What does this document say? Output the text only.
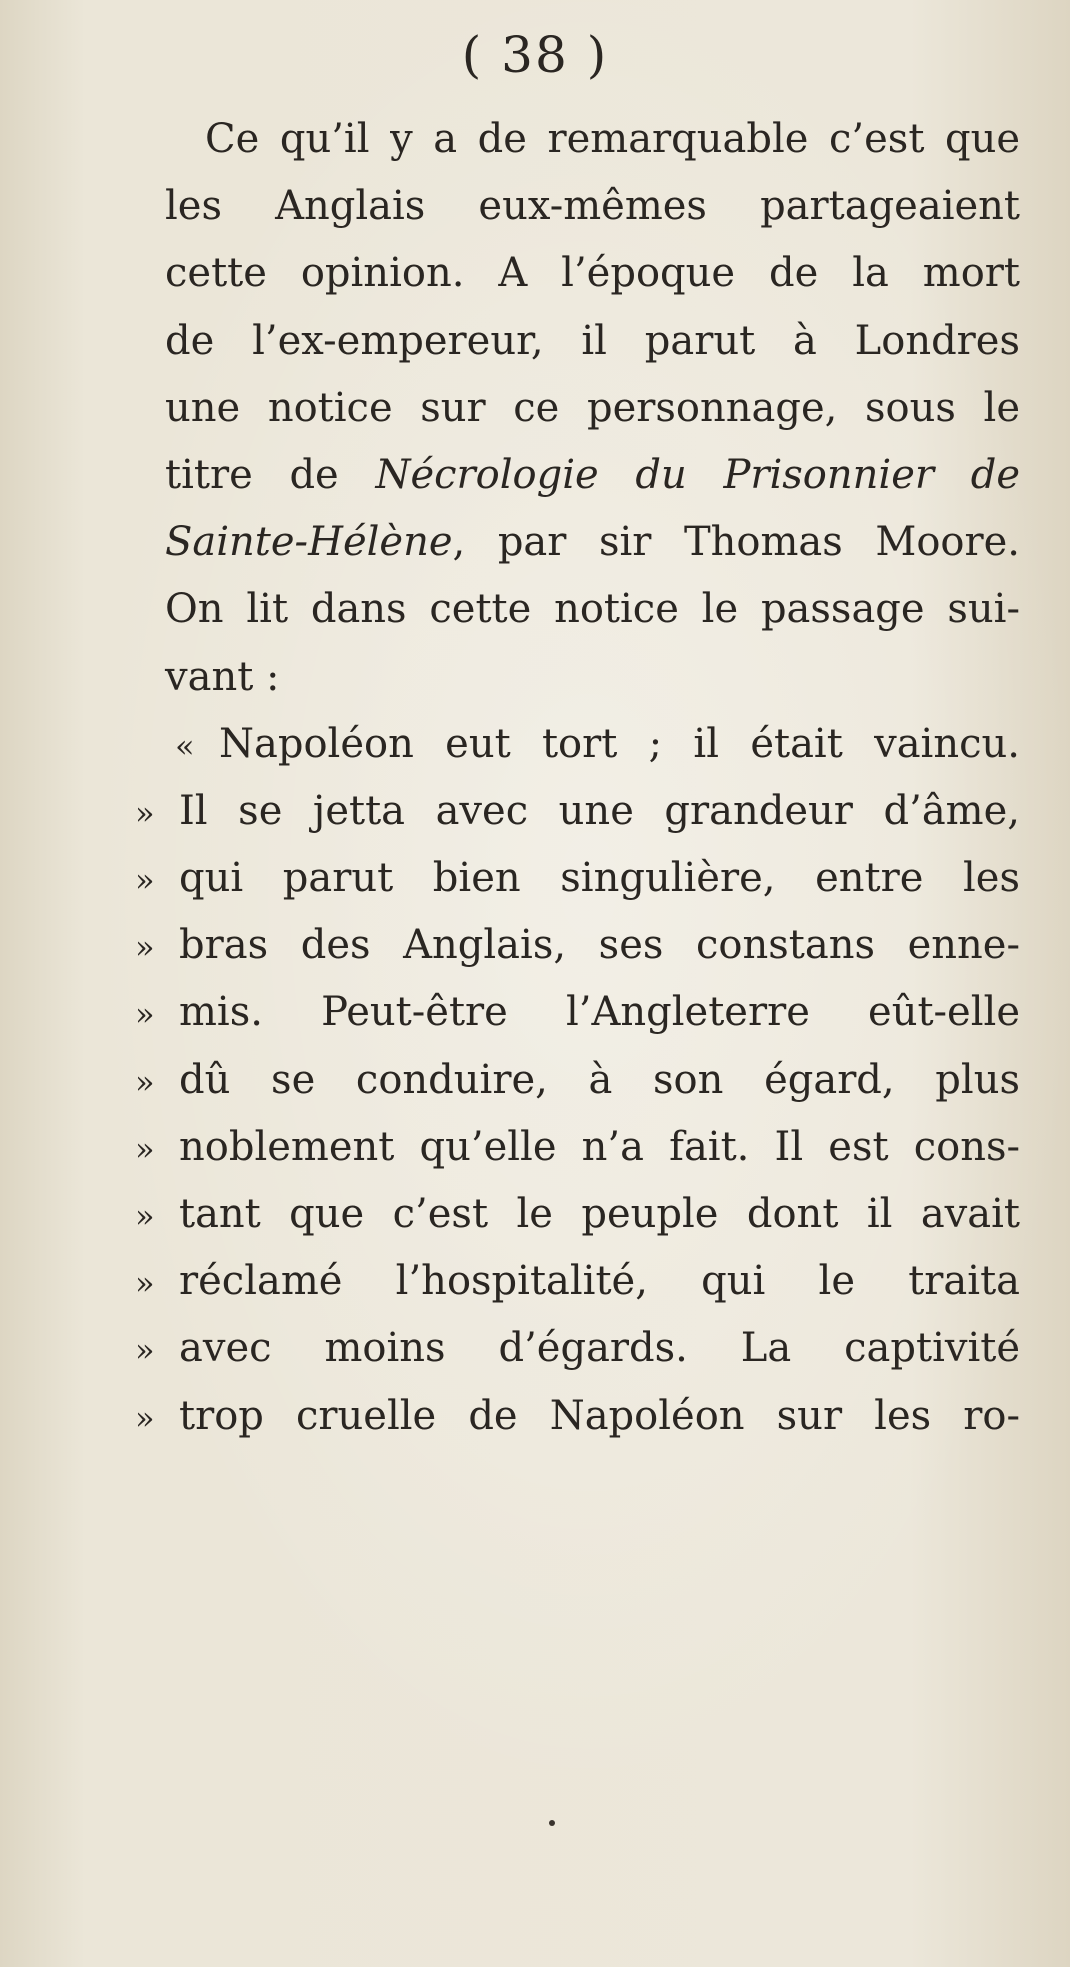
( 38 )
Ce qu’il y a de remarquable c’est que
les Anglais eux-mêmes partageaient
cette opinion. A l’époque de la mort
de l’ex-empereur, il parut à Londres
une notice sur ce personnage, sous le
titre de Nécrologie du Prisonnier de
Sainte-Hélène, par sir Thomas Moore.
On lit dans cette notice le passage sui-
vant :
« Napoléon eut tort ; il était vaincu.
» Il se jetta avec une grandeur d’âme,
» qui parut bien singulière, entre les
» bras des Anglais, ses constans enne-
» mis. Peut-être l’Angleterre eût-elle
» dû se conduire, à son égard, plus
» noblement qu’elle n’a fait. Il est cons-
» tant que c’est le peuple dont il avait
» réclamé l’hospitalité, qui le traita
» avec moins d’égards. La captivité
» trop cruelle de Napoléon sur les ro-
